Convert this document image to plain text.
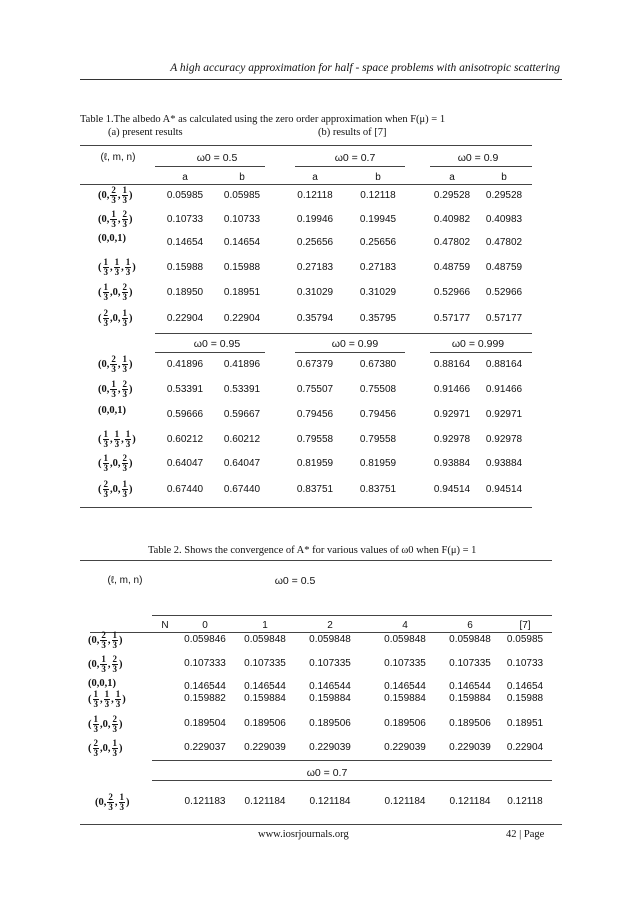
A high accuracy approximation for half - space problems with anisotropic scattering
Table 1.The albedo A* as calculated using the zero order approximation when F(μ) = 1
(a) present results	(b) results of [7]
(ℓ, m, n)	ω0 = 0.5	ω0 = 0.7	ω0 = 0.9
a	b	a	b	a	b
( 0 , $\frac{2}{3}$ , $\frac{1}{3}$ )	0.05985	0.05985	0.12118	0.12118	0.29528	0.29528
( 0 , $\frac{1}{3}$ , $\frac{2}{3}$ )	0.10733	0.10733	0.19946	0.19945	0.40982	0.40983
( 0 , 0 , 1 )	0.14654	0.14654	0.25656	0.25656	0.47802	0.47802
( $\frac{1}{3}$ , $\frac{1}{3}$ , $\frac{1}{3}$ )	0.15988	0.15988	0.27183	0.27183	0.48759	0.48759
( $\frac{1}{3}$ , 0 , $\frac{2}{3}$ )	0.18950	0.18951	0.31029	0.31029	0.52966	0.52966
( $\frac{2}{3}$ , 0 , $\frac{1}{3}$ )	0.22904	0.22904	0.35794	0.35795	0.57177	0.57177
ω0 = 0.95	ω0 = 0.99	ω0 = 0.999
( 0 , $\frac{2}{3}$ , $\frac{1}{3}$ )	0.41896	0.41896	0.67379	0.67380	0.88164	0.88164
( 0 , $\frac{1}{3}$ , $\frac{2}{3}$ )	0.53391	0.53391	0.75507	0.75508	0.91466	0.91466
( 0 , 0 , 1 )	0.59666	0.59667	0.79456	0.79456	0.92971	0.92971
( $\frac{1}{3}$ , $\frac{1}{3}$ , $\frac{1}{3}$ )	0.60212	0.60212	0.79558	0.79558	0.92978	0.92978
( $\frac{1}{3}$ , 0 , $\frac{2}{3}$ )	0.64047	0.64047	0.81959	0.81959	0.93884	0.93884
( $\frac{2}{3}$ , 0 , $\frac{1}{3}$ )	0.67440	0.67440	0.83751	0.83751	0.94514	0.94514
Table 2. Shows the convergence of A* for various values of ω0 when F(μ) = 1
(ℓ, m, n)	ω0 = 0.5
N	0	1	2	4	6	[7]
( 0 , $\frac{2}{3}$ , $\frac{1}{3}$ )	0.059846	0.059848	0.059848	0.059848	0.059848	0.05985
( 0 , $\frac{1}{3}$ , $\frac{2}{3}$ )	0.107333	0.107335	0.107335	0.107335	0.107335	0.10733
( 0 , 0 , 1 )	0.146544	0.146544	0.146544	0.146544	0.146544	0.14654
( $\frac{1}{3}$ , $\frac{1}{3}$ , $\frac{1}{3}$ )	0.159882	0.159884	0.159884	0.159884	0.159884	0.15988
( $\frac{1}{3}$ , 0 , $\frac{2}{3}$ )	0.189504	0.189506	0.189506	0.189506	0.189506	0.18951
( $\frac{2}{3}$ , 0 , $\frac{1}{3}$ )	0.229037	0.229039	0.229039	0.229039	0.229039	0.22904
ω0 = 0.7
( 0 , $\frac{2}{3}$ , $\frac{1}{3}$ )	0.121183	0.121184	0.121184	0.121184	0.121184	0.12118
www.iosrjournals.org	42 | Page
